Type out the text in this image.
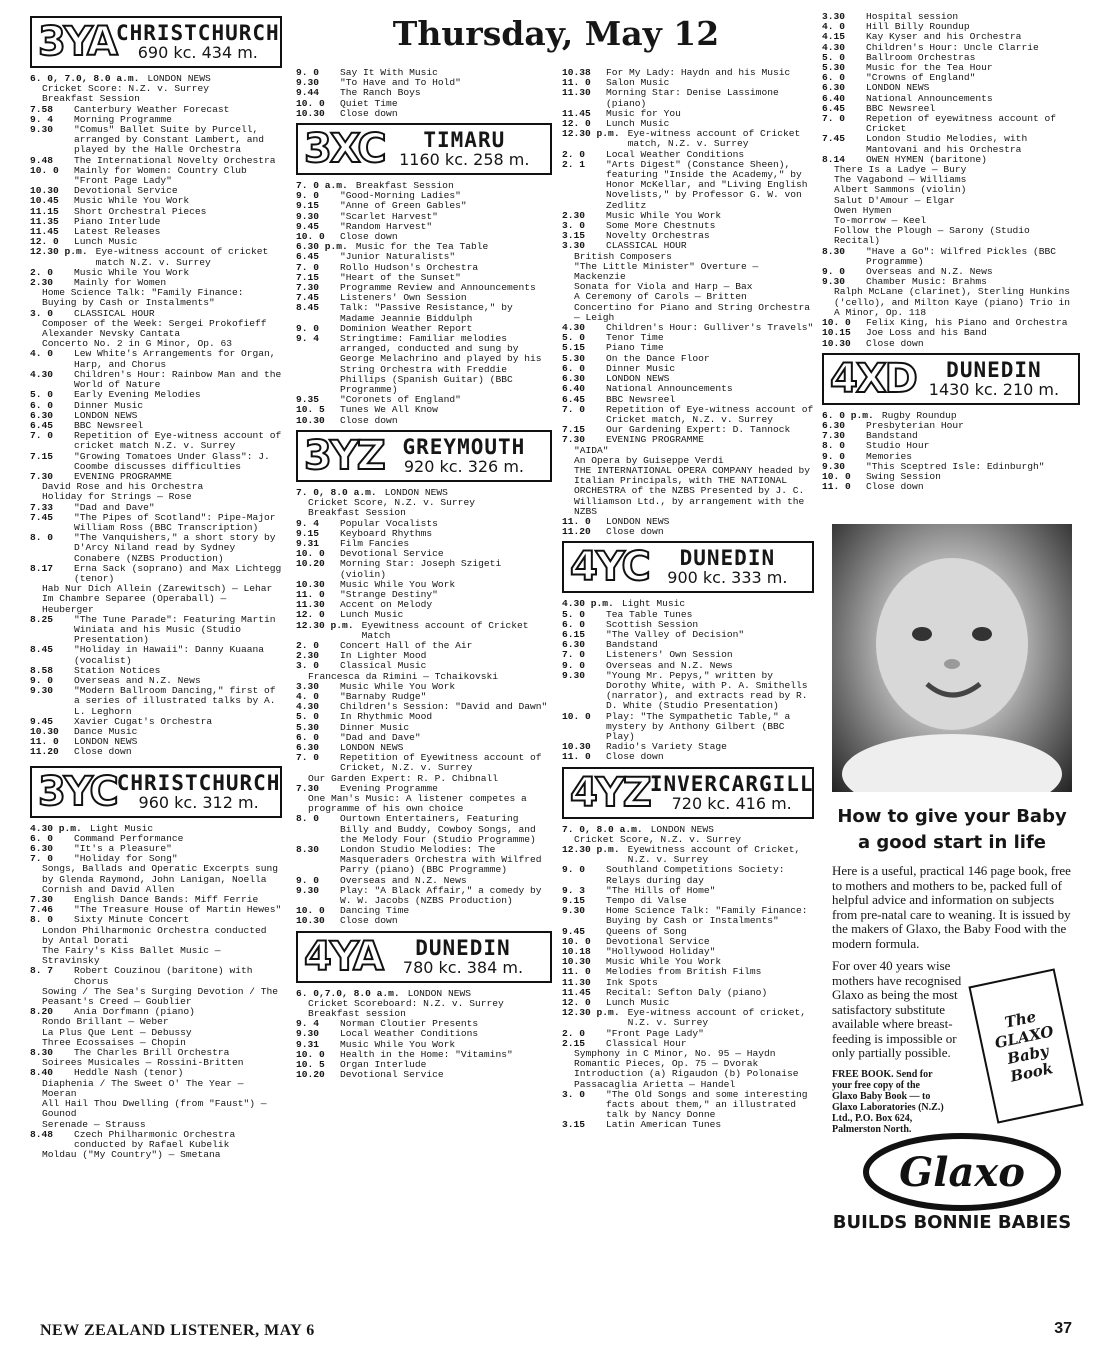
Thursday, May 12
3YA CHRISTCHURCH
690 kc. 434 m.
6. 0, 7.0, 8.0 a.m. LONDON NEWS
Cricket Score: N.Z. v. Surrey
Breakfast Session
7.58	Canterbury Weather Forecast
9. 4	Morning Programme
9.30	"Comus" Ballet Suite by Purcell, arranged by Constant Lambert, and played by the Halle Orchestra
9.48	The International Novelty Orchestra
10. 0	Mainly for Women: Country Club "Front Page Lady"
10.30	Devotional Service
10.45	Music While You Work
11.15	Short Orchestral Pieces
11.35	Piano Interlude
11.45	Latest Releases
12. 0	Lunch Music
12.30 p.m. Eye-witness account of cricket match N.Z. v. Surrey
2. 0	Music While You Work
2.30	Mainly for Women
Home Science Talk: "Family Finance: Buying by Cash or Instalments"
3. 0	CLASSICAL HOUR
Composer of the Week: Sergei Prokofieff
Alexander Nevsky Cantata
Concerto No. 2 in G Minor, Op. 63
4. 0	Lew White's Arrangements for Organ, Harp, and Chorus
4.30	Children's Hour: Rainbow Man and the World of Nature
5. 0	Early Evening Melodies
6. 0	Dinner Music
6.30	LONDON NEWS
6.45	BBC Newsreel
7. 0	Repetition of Eye-witness account of cricket match N.Z. v. Surrey
7.15	"Growing Tomatoes Under Glass": J. Coombe discusses difficulties
7.30	EVENING PROGRAMME
David Rose and his Orchestra
Holiday for Strings — Rose
7.33	"Dad and Dave"
7.45	"The Pipes of Scotland": Pipe-Major William Ross (BBC Transcription)
8. 0	"The Vanquishers," a short story by D'Arcy Niland read by Sydney Conabere (NZBS Production)
8.17	Erna Sack (soprano) and Max Lichtegg (tenor)
Hab Nur Dich Allein (Zarewitsch) — Lehar
Im Chambre Separee (Operaball) — Heuberger
8.25	"The Tune Parade": Featuring Martin Winiata and his Music (Studio Presentation)
8.45	"Holiday in Hawaii": Danny Kuaana (vocalist)
8.58	Station Notices
9. 0	Overseas and N.Z. News
9.30	"Modern Ballroom Dancing," first of a series of illustrated talks by A. L. Leghorn
9.45	Xavier Cugat's Orchestra
10.30	Dance Music
11. 0	LONDON NEWS
11.20	Close down
3YC CHRISTCHURCH
960 kc. 312 m.
4.30 p.m. Light Music
6. 0	Command Performance
6.30	"It's a Pleasure"
7. 0	"Holiday for Song"
Songs, Ballads and Operatic Excerpts sung by Glenda Raymond, John Lanigan, Noella Cornish and David Allen
7.30	English Dance Bands: Miff Ferrie
7.46	"The Treasure House of Martin Hewes"
8. 0	Sixty Minute Concert
London Philharmonic Orchestra conducted by Antal Dorati
The Fairy's Kiss Ballet Music — Stravinsky
8. 7	Robert Couzinou (baritone) with Chorus
Sowing / The Sea's Surging Devotion / The Peasant's Creed — Goublier
8.20	Ania Dorfmann (piano)
Rondo Brillant — Weber
La Plus Que Lent — Debussy
Three Ecossaises — Chopin
8.30	The Charles Brill Orchestra
Soirees Musicales — Rossini-Britten
8.40	Heddle Nash (tenor)
Diaphenia / The Sweet O' The Year — Moeran
All Hail Thou Dwelling (from "Faust") — Gounod
Serenade — Strauss
8.48	Czech Philharmonic Orchestra conducted by Rafael Kubelik
Moldau ("My Country") — Smetana
9. 0	Say It With Music
9.30	"To Have and To Hold"
9.44	The Ranch Boys
10. 0	Quiet Time
10.30	Close down
3XC	TIMARU
1160 kc. 258 m.
7. 0 a.m. Breakfast Session
9. 0	"Good-Morning Ladies"
9.15	"Anne of Green Gables"
9.30	"Scarlet Harvest"
9.45	"Random Harvest"
10. 0	Close down
6.30 p.m. Music for the Tea Table
6.45	"Junior Naturalists"
7. 0	Rollo Hudson's Orchestra
7.15	"Heart of the Sunset"
7.30	Programme Review and Announcements
7.45	Listeners' Own Session
8.45	Talk: "Passive Resistance," by Madame Jeannie Biddulph
9. 0	Dominion Weather Report
9. 4	Stringtime: Familiar melodies arranged, conducted and sung by George Melachrino and played by his String Orchestra with Freddie Phillips (Spanish Guitar) (BBC Programme)
9.35	"Coronets of England"
10. 5	Tunes We All Know
10.30	Close down
3YZ GREYMOUTH
920 kc. 326 m.
7. 0, 8.0 a.m. LONDON NEWS
Cricket Score, N.Z. v. Surrey
Breakfast Session
9. 4	Popular Vocalists
9.15	Keyboard Rhythms
9.31	Film Fancies
10. 0	Devotional Service
10.20	Morning Star: Joseph Szigeti (violin)
10.30	Music While You Work
11. 0	"Strange Destiny"
11.30	Accent on Melody
12. 0	Lunch Music
12.30 p.m. Eyewitness account of Cricket Match
2. 0	Concert Hall of the Air
2.30	In Lighter Mood
3. 0	Classical Music
Francesca da Rimini — Tchaikovski
3.30	Music While You Work
4. 0	"Barnaby Rudge"
4.30	Children's Session: "David and Dawn"
5. 0	In Rhythmic Mood
5.30	Dinner Music
6. 0	"Dad and Dave"
6.30	LONDON NEWS
7. 0	Repetition of Eyewitness account of Cricket, N.Z. v. Surrey
Our Garden Expert: R. P. Chibnall
7.30	Evening Programme
One Man's Music: A listener competes a programme of his own choice
8. 0	Ourtown Entertainers, Featuring Billy and Buddy, Cowboy Songs, and the Melody Four (Studio Programme)
8.30	London Studio Melodies: The Masqueraders Orchestra with Wilfred Parry (piano) (BBC Programme)
9. 0	Overseas and N.Z. News
9.30	Play: "A Black Affair," a comedy by W. W. Jacobs (NZBS Production)
10. 0	Dancing Time
10.30	Close down
4YA	DUNEDIN
780 kc. 384 m.
6. 0,7.0, 8.0 a.m. LONDON NEWS
Cricket Scoreboard: N.Z. v. Surrey
Breakfast session
9. 4	Norman Cloutier Presents
9.30	Local Weather Conditions
9.31	Music While You Work
10. 0	Health in the Home: "Vitamins"
10. 5	Organ Interlude
10.20	Devotional Service
10.38	For My Lady: Haydn and his Music
11. 0	Salon Music
11.30	Morning Star: Denise Lassimone (piano)
11.45	Music for You
12. 0	Lunch Music
12.30 p.m. Eye-witness account of Cricket match, N.Z. v. Surrey
2. 0	Local Weather Conditions
2. 1	"Arts Digest" (Constance Sheen), featuring "Inside the Academy," by Honor McKellar, and "Living English Novelists," by Professor G. W. von Zedlitz
2.30	Music While You Work
3. 0	Some More Chestnuts
3.15	Novelty Orchestras
3.30	CLASSICAL HOUR
British Composers
"The Little Minister" Overture — Mackenzie
Sonata for Viola and Harp — Bax
A Ceremony of Carols — Britten
Concertino for Piano and String Orchestra — Leigh
4.30	Children's Hour: Gulliver's Travels"
5. 0	Tenor Time
5.15	Piano Time
5.30	On the Dance Floor
6. 0	Dinner Music
6.30	LONDON NEWS
6.40	National Announcements
6.45	BBC Newsreel
7. 0	Repetition of Eye-witness account of Cricket match, N.Z. v. Surrey
7.15	Our Gardening Expert: D. Tannock
7.30	EVENING PROGRAMME
"AIDA"
An Opera by Guiseppe Verdi
THE INTERNATIONAL OPERA COMPANY headed by Italian Principals, with THE NATIONAL ORCHESTRA of the NZBS Presented by J. C. Williamson Ltd., by arrangement with the NZBS
11. 0	LONDON NEWS
11.20	Close down
4YC	DUNEDIN
900 kc. 333 m.
4.30 p.m. Light Music
5. 0	Tea Table Tunes
6. 0	Scottish Session
6.15	"The Valley of Decision"
6.30	Bandstand
7. 0	Listeners' Own Session
9. 0	Overseas and N.Z. News
9.30	"Young Mr. Pepys," written by Dorothy White, with P. A. Smithells (narrator), and extracts read by R. D. White (Studio Presentation)
10. 0	Play: "The Sympathetic Table," a mystery by Anthony Gilbert (BBC Play)
10.30	Radio's Variety Stage
11. 0	Close down
4YZ INVERCARGILL
720 kc. 416 m.
7. 0, 8.0 a.m. LONDON NEWS
Cricket Score, N.Z. v. Surrey
12.30 p.m. Eyewitness account of Cricket, N.Z. v. Surrey
9. 0	Southland Competitions Society: Relays during day
9. 3	"The Hills of Home"
9.15	Tempo di Valse
9.30	Home Science Talk: "Family Finance: Buying by Cash or Instalments"
9.45	Queens of Song
10. 0	Devotional Service
10.18	"Hollywood Holiday"
10.30	Music While You Work
11. 0	Melodies from British Films
11.30	Ink Spots
11.45	Recital: Sefton Daly (piano)
12. 0	Lunch Music
12.30 p.m. Eye-witness account of cricket, N.Z. v. Surrey
2. 0	"Front Page Lady"
2.15	Classical Hour
Symphony in C Minor, No. 95 — Haydn
Romantic Pieces, Op. 75 — Dvorak
Introduction (a) Rigaudon (b) Polonaise Passacaglia Arietta — Handel
3. 0	"The Old Songs and some interesting facts about them," an illustrated talk by Nancy Donne
3.15	Latin American Tunes
3.30	Hospital session
4. 0	Hill Billy Roundup
4.15	Kay Kyser and his Orchestra
4.30	Children's Hour: Uncle Clarrie
5. 0	Ballroom Orchestras
5.30	Music for the Tea Hour
6. 0	"Crowns of England"
6.30	LONDON NEWS
6.40	National Announcements
6.45	BBC Newsreel
7. 0	Repetion of eyewitness account of Cricket
7.45	London Studio Melodies, with Mantovani and his Orchestra
8.14	OWEN HYMEN (baritone)
There Is a Ladye — Bury
The Vagabond — Williams
Albert Sammons (violin)
Salut D'Amour — Elgar
Owen Hymen
To-morrow — Keel
Follow the Plough — Sarony (Studio Recital)
8.30	"Have a Go": Wilfred Pickles (BBC Programme)
9. 0	Overseas and N.Z. News
9.30	Chamber Music: Brahms
Ralph McLane (clarinet), Sterling Hunkins ('cello), and Milton Kaye (piano) Trio in A Minor, Op. 118
10. 0	Felix King, his Piano and Orchestra
10.15	Joe Loss and his Band
10.30	Close down
4XD	DUNEDIN
1430 kc. 210 m.
6. 0 p.m. Rugby Roundup
6.30	Presbyterian Hour
7.30	Bandstand
8. 0	Studio Hour
9. 0	Memories
9.30	"This Sceptred Isle: Edinburgh"
10. 0	Swing Session
11. 0	Close down
How to give your Baby
a good start in life
Here is a useful, practical 146 page book, free to mothers and mothers to be, packed full of helpful advice and information on subjects from pre-natal care to weaning. It is issued by the makers of Glaxo, the Baby Food with the modern formula.
For over 40 years wise mothers have recognised Glaxo as being the most satisfactory substitute available where breast-feeding is impossible or only partially possible.
FREE BOOK. Send for your free copy of the Glaxo Baby Book — to Glaxo Laboratories (N.Z.) Ltd., P.O. Box 624, Palmerston North.
The GLAXO Baby Book
Glaxo
BUILDS BONNIE BABIES
NEW ZEALAND LISTENER, MAY 6	37
